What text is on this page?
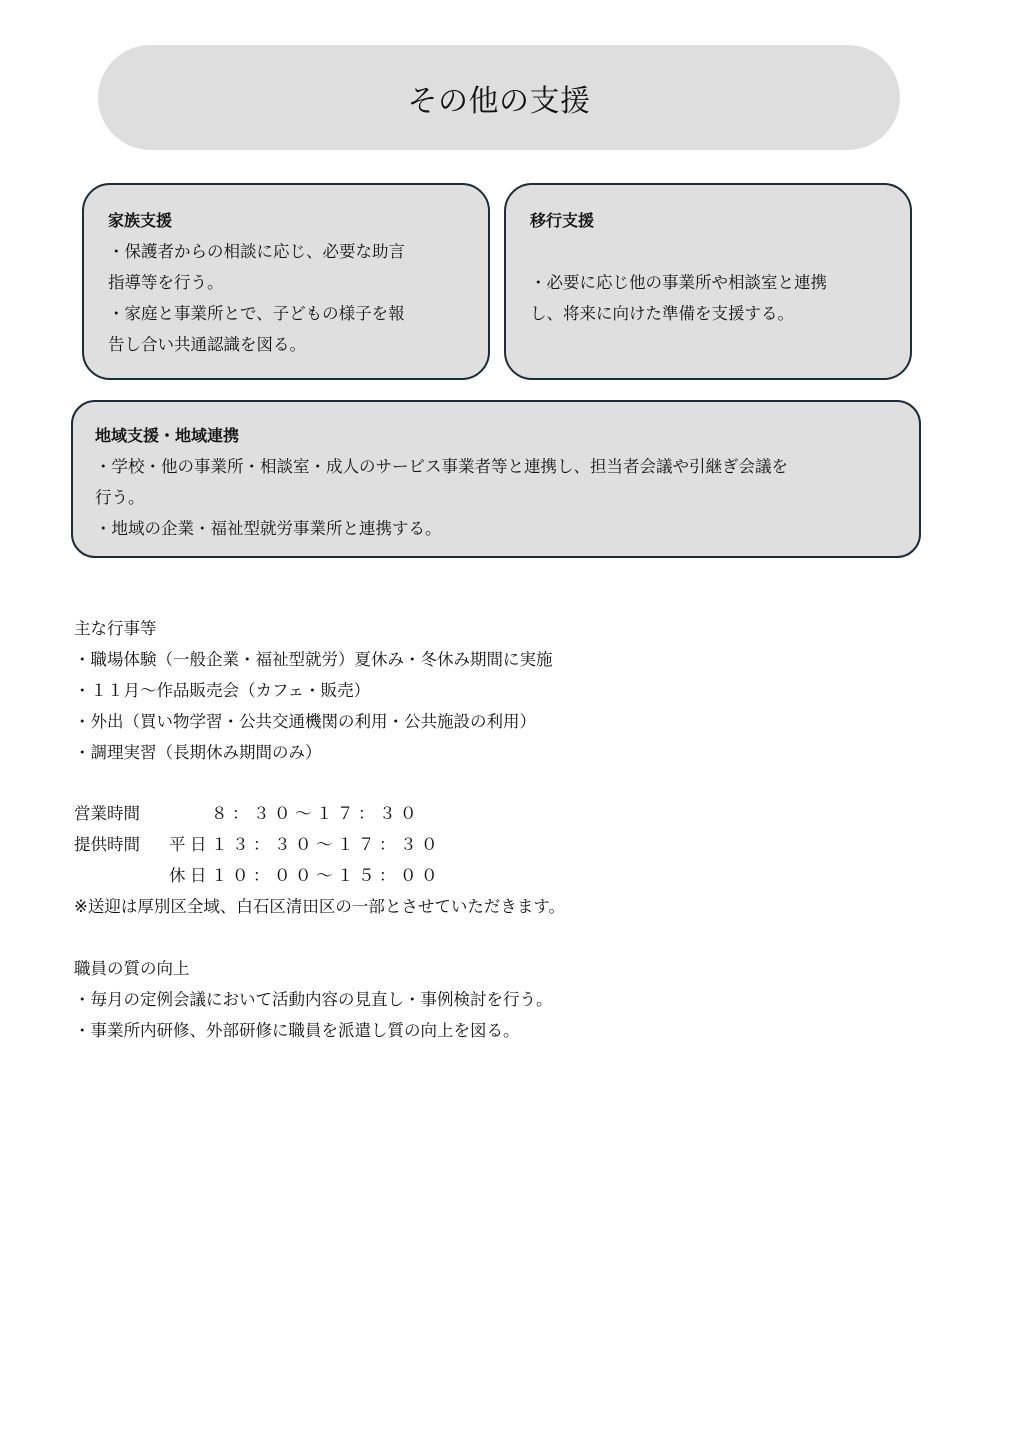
その他の支援
家族支援
・保護者からの相談に応じ、必要な助言
指導等を行う。
・家庭と事業所とで、子どもの様子を報
告し合い共通認識を図る。
移行支援
・必要に応じ他の事業所や相談室と連携
し、将来に向けた準備を支援する。
地域支援・地域連携
・学校・他の事業所・相談室・成人のサービス事業者等と連携し、担当者会議や引継ぎ会議を
行う。
・地域の企業・福祉型就労事業所と連携する。
主な行事等
・職場体験（一般企業・福祉型就労）夏休み・冬休み期間に実施
・１１月～作品販売会（カフェ・販売）
・外出（買い物学習・公共交通機関の利用・公共施設の利用）
・調理実習（長期休み期間のみ）
営業時間	　　８：３０～１７：３０
提供時間	平日１３：３０～１７：３０
休日１０：００～１５：００
※送迎は厚別区全域、白石区清田区の一部とさせていただきます。
職員の質の向上
・毎月の定例会議において活動内容の見直し・事例検討を行う。
・事業所内研修、外部研修に職員を派遣し質の向上を図る。
